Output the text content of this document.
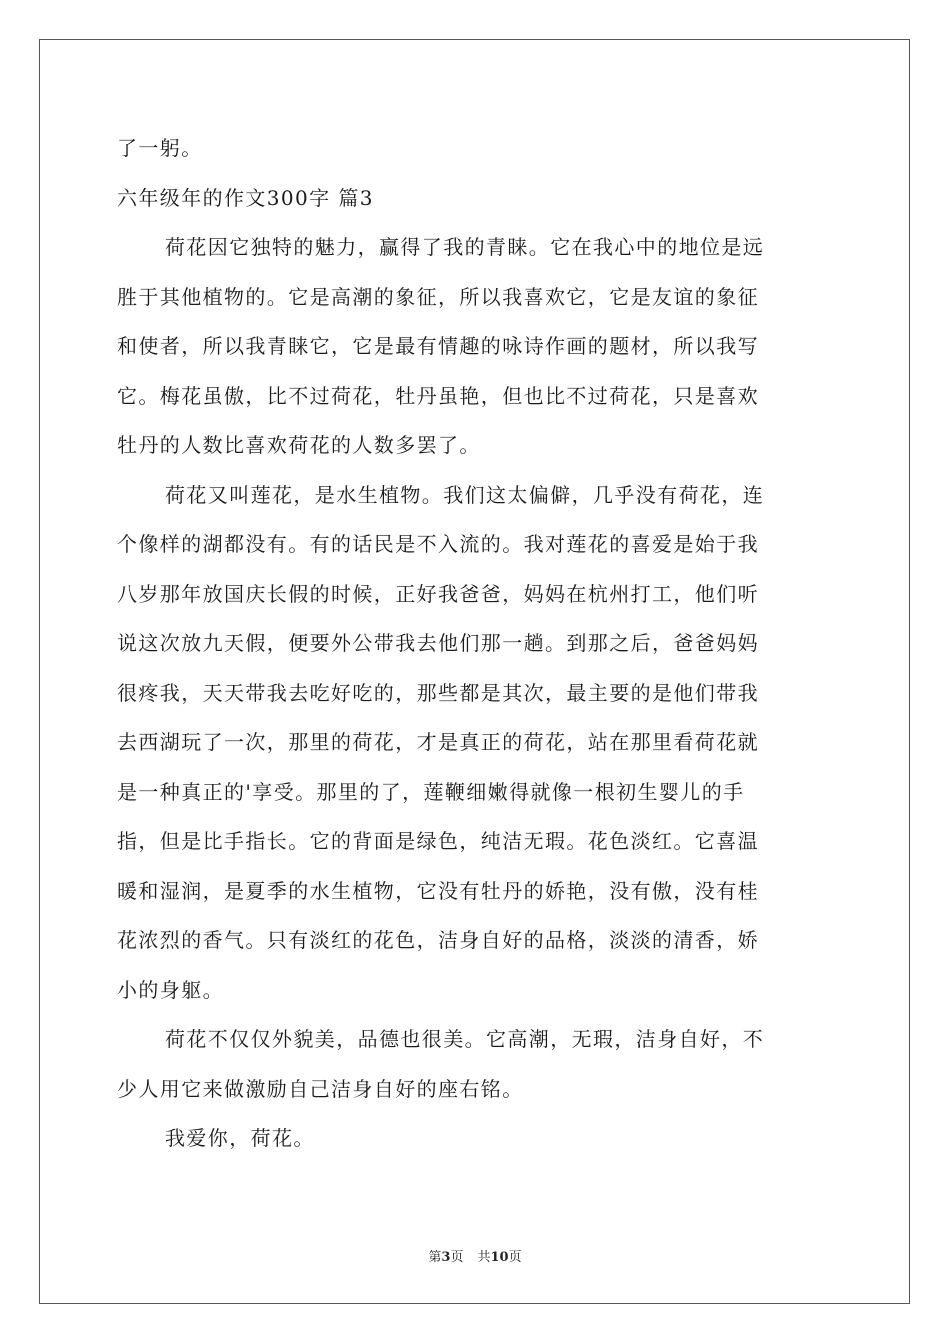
了一躬。
六年级年的作文300字 篇3
荷花因它独特的魅力，赢得了我的青睐。它在我心中的地位是远
胜于其他植物的。它是高潮的象征，所以我喜欢它，它是友谊的象征
和使者，所以我青睐它，它是最有情趣的咏诗作画的题材，所以我写
它。梅花虽傲，比不过荷花，牡丹虽艳，但也比不过荷花，只是喜欢
牡丹的人数比喜欢荷花的人数多罢了。
荷花又叫莲花，是水生植物。我们这太偏僻，几乎没有荷花，连
个像样的湖都没有。有的话民是不入流的。我对莲花的喜爱是始于我
八岁那年放国庆长假的时候，正好我爸爸，妈妈在杭州打工，他们听
说这次放九天假，便要外公带我去他们那一趟。到那之后，爸爸妈妈
很疼我，天天带我去吃好吃的，那些都是其次，最主要的是他们带我
去西湖玩了一次，那里的荷花，才是真正的荷花，站在那里看荷花就
是一种真正的'享受。那里的了，莲鞭细嫩得就像一根初生婴儿的手
指，但是比手指长。它的背面是绿色，纯洁无瑕。花色淡红。它喜温
暖和湿润，是夏季的水生植物，它没有牡丹的娇艳，没有傲，没有桂
花浓烈的香气。只有淡红的花色，洁身自好的品格，淡淡的清香，娇
小的身躯。
荷花不仅仅外貌美，品德也很美。它高潮，无瑕，洁身自好，不
少人用它来做激励自己洁身自好的座右铭。
我爱你，荷花。
第3页 共10页
